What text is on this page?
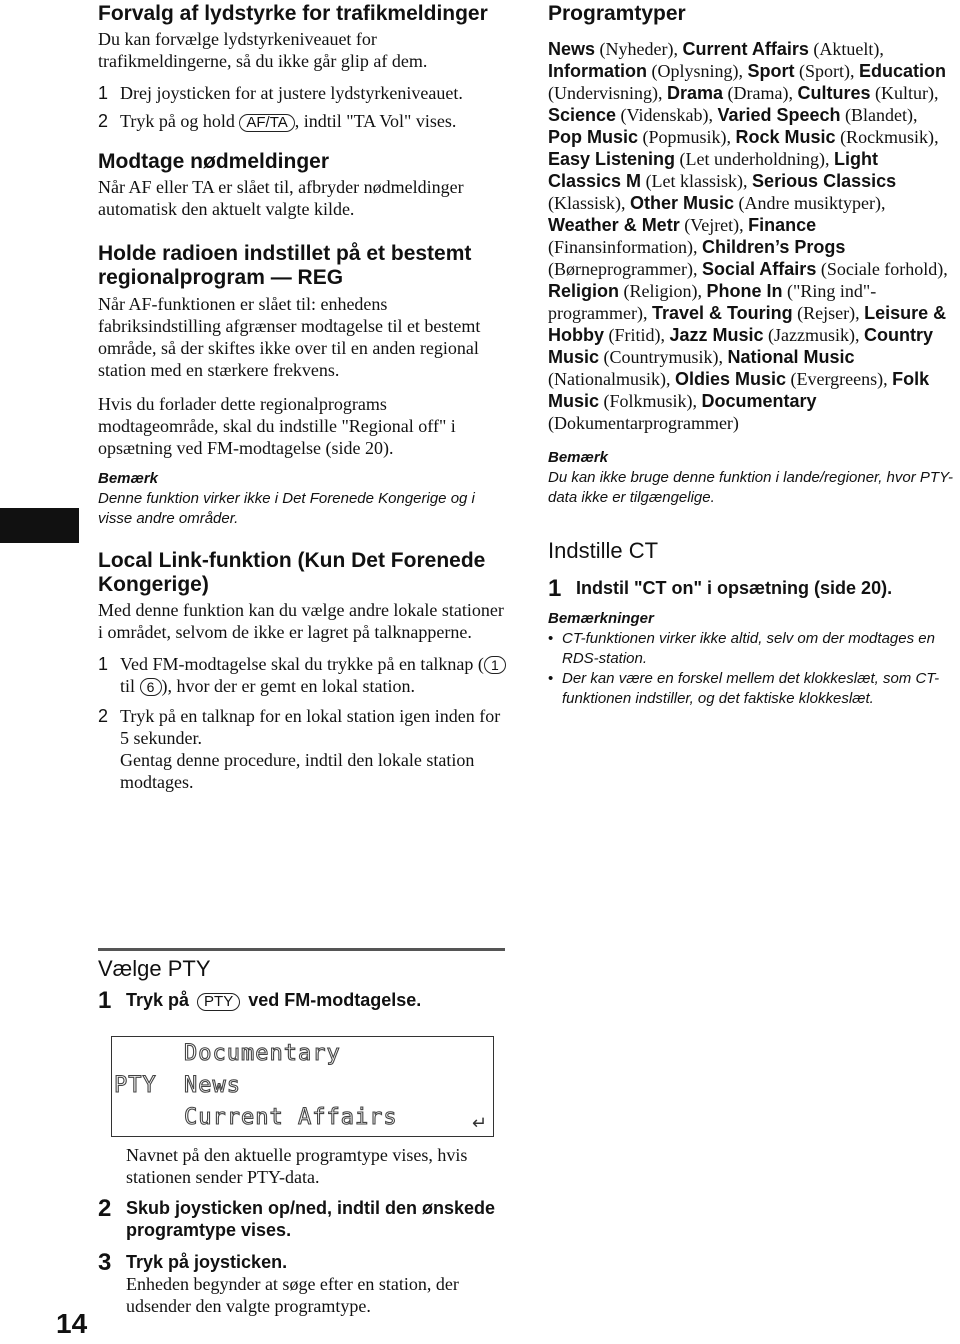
Forvalg af lydstyrke for trafikmeldinger

Du kan forvælge lydstyrkeniveauet for trafikmeldingerne, så du ikke går glip af dem.

1 Drej joysticken for at justere lydstyrkeniveauet.
2 Tryk på og hold AF/TA , indtil "TA Vol" vises.
Modtage nødmeldinger

Når AF eller TA er slået til, afbryder nødmeldinger automatisk den aktuelt valgte kilde.

Holde radioen indstillet på et bestemt regionalprogram — REG

Når AF-funktionen er slået til: enhedens fabriksindstilling afgrænser modtagelse til et bestemt område, så der skiftes ikke over til en anden regional station med en stærkere frekvens.

Hvis du forlader dette regionalprograms modtageområde, skal du indstille "Regional off" i opsætning ved FM-modtagelse (side 20).

Bemærk
Denne funktion virker ikke i Det Forenede Kongerige og i visse andre områder.
Local Link-funktion (Kun Det Forenede Kongerige)

Med denne funktion kan du vælge andre lokale stationer i området, selvom de ikke er lagret på talknapperne.

1 Ved FM-modtagelse skal du trykke på en talknap ( 1 til 6 ), hvor der er gemt en lokal station.
2 Tryk på en talknap for en lokal station igen inden for 5 sekunder.
Gentag denne procedure, indtil den lokale station modtages.
Vælge PTY
1 Tryk på PTY ved FM-modtagelse.
PTY
Documentary
News
Current Affairs	↵

Navnet på den aktuelle programtype vises, hvis stationen sender PTY-data.

2 Skub joysticken op/ned, indtil den ønskede programtype vises.
3 Tryk på joysticken.

Enheden begynder at søge efter en station, der udsender den valgte programtype.

14
Programtyper
News (Nyheder), Current Affairs (Aktuelt), Information (Oplysning), Sport (Sport), Education (Undervisning), Drama (Drama), Cultures (Kultur), Science (Videnskab), Varied Speech (Blandet), Pop Music (Popmusik), Rock Music (Rockmusik), Easy Listening (Let underholdning), Light Classics M (Let klassisk), Serious Classics (Klassisk), Other Music (Andre musiktyper), Weather & Metr (Vejret), Finance (Finansinformation), Children’s Progs (Børneprogrammer), Social Affairs (Sociale forhold), Religion (Religion), Phone In ("Ring ind"-programmer), Travel & Touring (Rejser), Leisure & Hobby (Fritid), Jazz Music (Jazzmusik), Country Music (Countrymusik), National Music (Nationalmusik), Oldies Music (Evergreens), Folk Music (Folkmusik), Documentary (Dokumentarprogrammer)
Bemærk
Du kan ikke bruge denne funktion i lande/regioner, hvor PTY-data ikke er tilgængelige.
Indstille CT
1 Indstil "CT on" i opsætning (side 20).
Bemærkninger
• CT-funktionen virker ikke altid, selv om der modtages en RDS-station.
• Der kan være en forskel mellem det klokkeslæt, som CT-funktionen indstiller, og det faktiske klokkeslæt.
